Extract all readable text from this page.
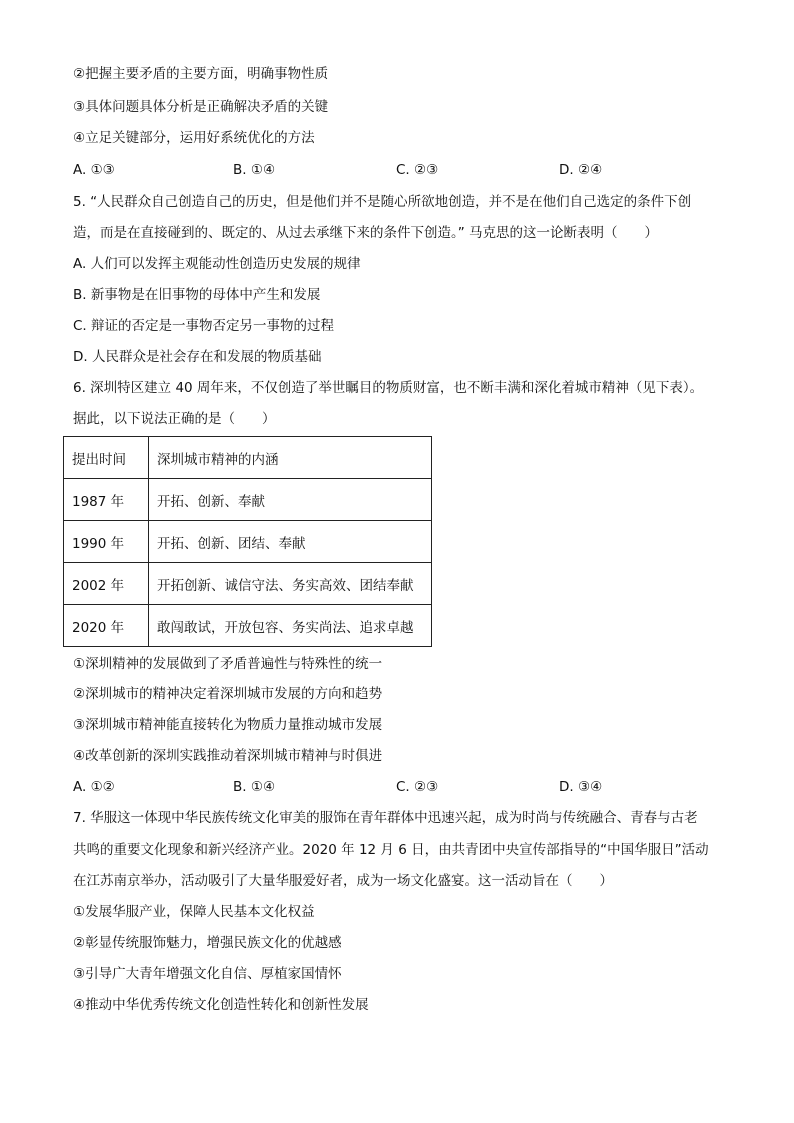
②把握主要矛盾的主要方面，明确事物性质
③具体问题具体分析是正确解决矛盾的关键
④立足关键部分，运用好系统优化的方法
A. ①③	B. ①④	C. ②③	D. ②④
5. “人民群众自己创造自己的历史，但是他们并不是随心所欲地创造，并不是在他们自己选定的条件下创
造，而是在直接碰到的、既定的、从过去承继下来的条件下创造。” 马克思的这一论断表明（　　）
A. 人们可以发挥主观能动性创造历史发展的规律
B. 新事物是在旧事物的母体中产生和发展
C. 辩证的否定是一事物否定另一事物的过程
D. 人民群众是社会存在和发展的物质基础
6. 深圳特区建立 40 周年来，不仅创造了举世瞩目的物质财富，也不断丰满和深化着城市精神（见下表）。
据此，以下说法正确的是（　　）
提出时间	深圳城市精神的内涵
1987 年	开拓、创新、奉献
1990 年	开拓、创新、团结、奉献
2002 年	开拓创新、诚信守法、务实高效、团结奉献
2020 年	敢闯敢试，开放包容、务实尚法、追求卓越
①深圳精神的发展做到了矛盾普遍性与特殊性的统一
②深圳城市的精神决定着深圳城市发展的方向和趋势
③深圳城市精神能直接转化为物质力量推动城市发展
④改革创新的深圳实践推动着深圳城市精神与时俱进
A. ①②	B. ①④	C. ②③	D. ③④
7. 华服这一体现中华民族传统文化审美的服饰在青年群体中迅速兴起，成为时尚与传统融合、青春与古老
共鸣的重要文化现象和新兴经济产业。2020 年 12 月 6 日，由共青团中央宣传部指导的“中国华服日”活动
在江苏南京举办，活动吸引了大量华服爱好者，成为一场文化盛宴。这一活动旨在（　　）
①发展华服产业，保障人民基本文化权益
②彰显传统服饰魅力，增强民族文化的优越感
③引导广大青年增强文化自信、厚植家国情怀
④推动中华优秀传统文化创造性转化和创新性发展
